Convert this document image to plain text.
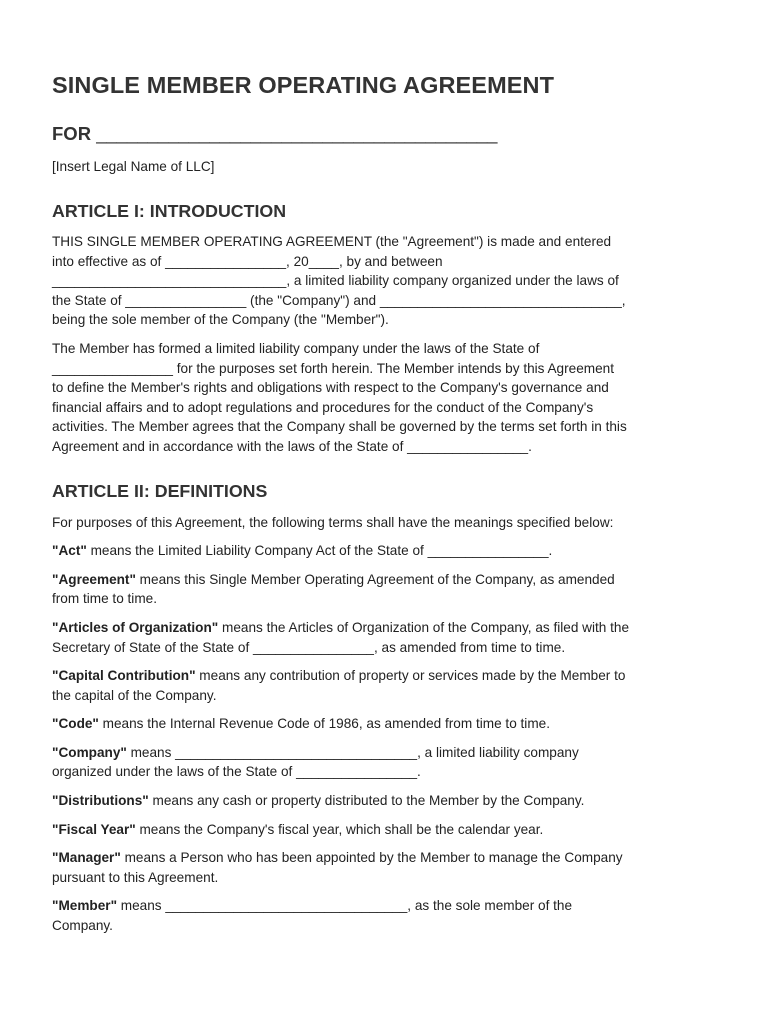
SINGLE MEMBER OPERATING AGREEMENT
FOR _______________________________________
[Insert Legal Name of LLC]
ARTICLE I: INTRODUCTION
THIS SINGLE MEMBER OPERATING AGREEMENT (the "Agreement") is made and entered
into effective as of ________________, 20____, by and between
_______________________________, a limited liability company organized under the laws of
the State of ________________ (the "Company") and ________________________________,
being the sole member of the Company (the "Member").
The Member has formed a limited liability company under the laws of the State of
________________ for the purposes set forth herein. The Member intends by this Agreement
to define the Member's rights and obligations with respect to the Company's governance and
financial affairs and to adopt regulations and procedures for the conduct of the Company's
activities. The Member agrees that the Company shall be governed by the terms set forth in this
Agreement and in accordance with the laws of the State of ________________.
ARTICLE II: DEFINITIONS
For purposes of this Agreement, the following terms shall have the meanings specified below:
"Act" means the Limited Liability Company Act of the State of ________________.
"Agreement" means this Single Member Operating Agreement of the Company, as amended
from time to time.
"Articles of Organization" means the Articles of Organization of the Company, as filed with the
Secretary of State of the State of ________________, as amended from time to time.
"Capital Contribution" means any contribution of property or services made by the Member to
the capital of the Company.
"Code" means the Internal Revenue Code of 1986, as amended from time to time.
"Company" means ________________________________, a limited liability company
organized under the laws of the State of ________________.
"Distributions" means any cash or property distributed to the Member by the Company.
"Fiscal Year" means the Company's fiscal year, which shall be the calendar year.
"Manager" means a Person who has been appointed by the Member to manage the Company
pursuant to this Agreement.
"Member" means ________________________________, as the sole member of the
Company.
